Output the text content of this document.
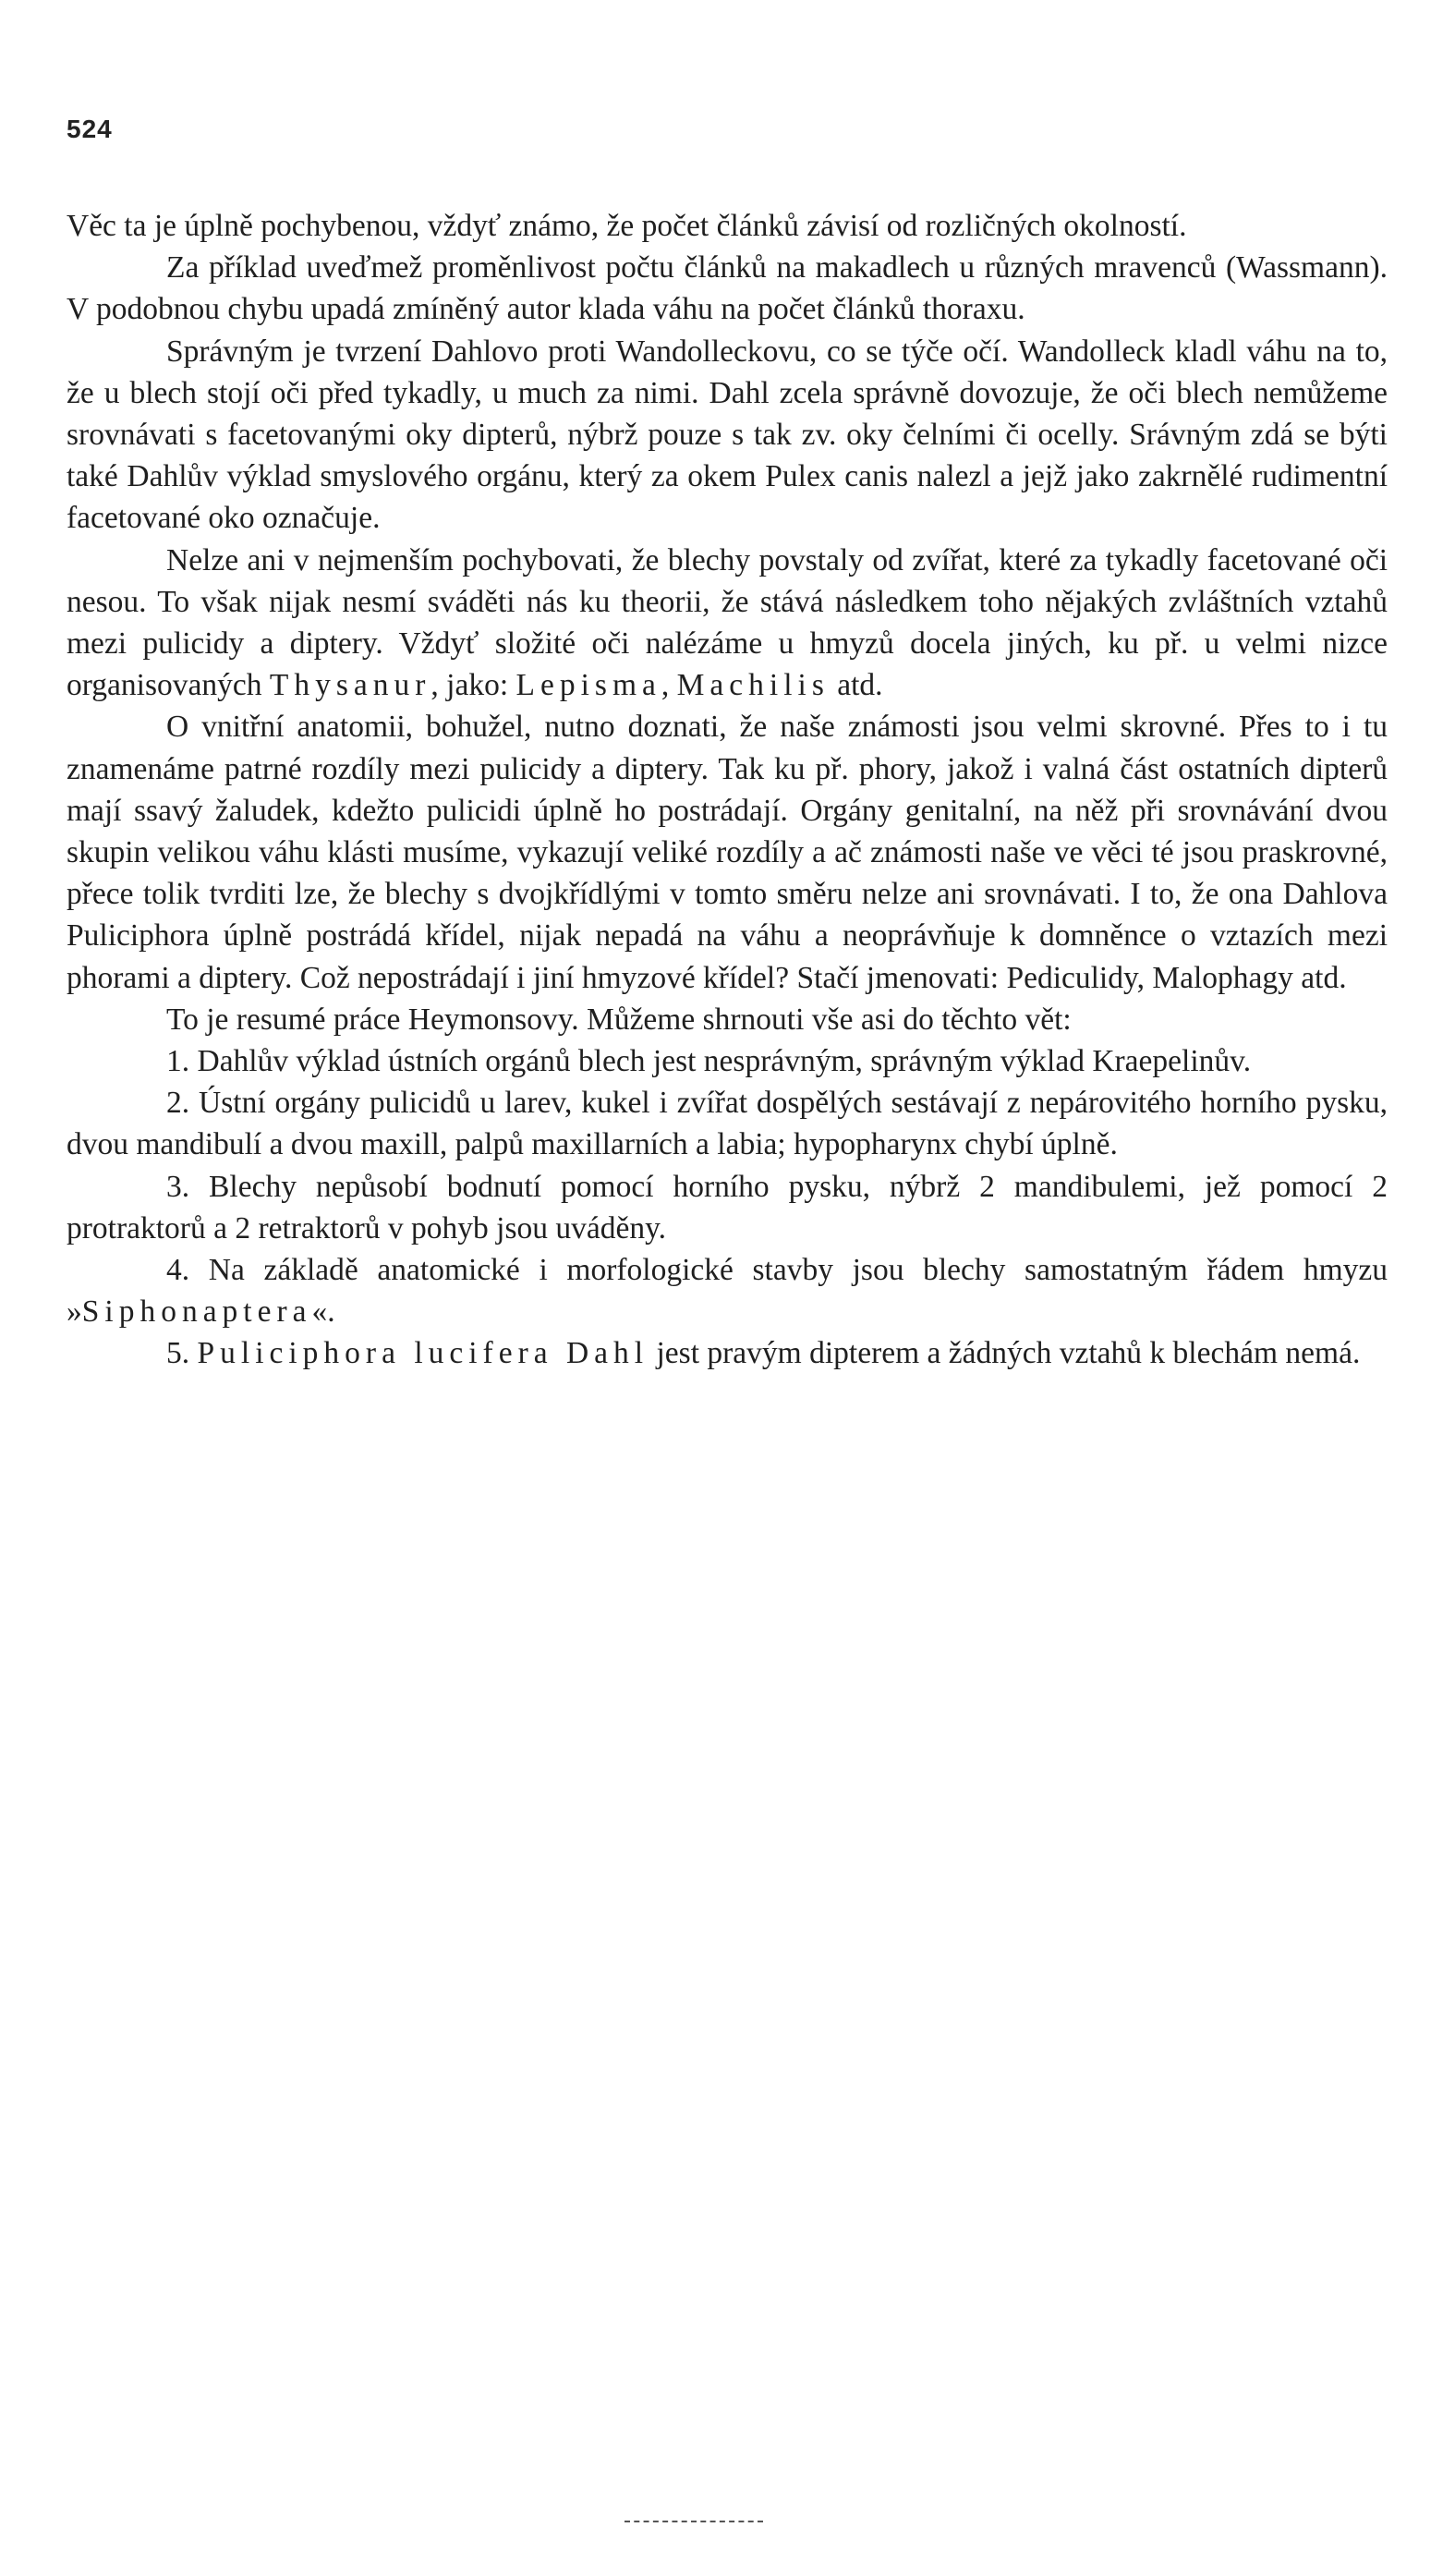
524

Věc ta je úplně pochybenou, vždyť známo, že počet článků závisí od rozličných okolností.

Za příklad uveďmež proměnlivost počtu článků na makadlech u různých mravenců (Wassmann). V podobnou chybu upadá zmíněný autor klada váhu na počet článků thoraxu.

Správným je tvrzení Dahlovo proti Wandolleckovu, co se týče očí. Wandolleck kladl váhu na to, že u blech stojí oči před tykadly, u much za nimi. Dahl zcela správně dovozuje, že oči blech nemůžeme srovnávati s facetovanými oky dipterů, nýbrž pouze s tak zv. oky čelními či ocelly. Srávným zdá se býti také Dahlův výklad smyslového orgánu, který za okem Pulex canis nalezl a jejž jako zakrnělé rudimentní facetované oko označuje.

Nelze ani v nejmenším pochybovati, že blechy povstaly od zvířat, které za tykadly facetované oči nesou. To však nijak nesmí sváděti nás ku theorii, že stává následkem toho nějakých zvláštních vztahů mezi pulicidy a diptery. Vždyť složité oči nalézáme u hmyzů docela jiných, ku př. u velmi nizce organisovaných Thysanur, jako: Lepisma, Machilis atd.

O vnitřní anatomii, bohužel, nutno doznati, že naše známosti jsou velmi skrovné. Přes to i tu znamenáme patrné rozdíly mezi pulicidy a diptery. Tak ku př. phory, jakož i valná část ostatních dipterů mají ssavý žaludek, kdežto pulicidi úplně ho postrádají. Orgány genitalní, na něž při srovnávání dvou skupin velikou váhu klásti musíme, vykazují veliké rozdíly a ač známosti naše ve věci té jsou praskrovné, přece tolik tvrditi lze, že blechy s dvojkřídlými v tomto směru nelze ani srovnávati. I to, že ona Dahlova Puliciphora úplně postrádá křídel, nijak nepadá na váhu a neoprávňuje k domněnce o vztazích mezi phorami a diptery. Což nepostrádají i jiní hmyzové křídel? Stačí jmenovati: Pediculidy, Malophagy atd.

To je resumé práce Heymonsovy. Můžeme shrnouti vše asi do těchto vět:

1. Dahlův výklad ústních orgánů blech jest nesprávným, správným výklad Kraepelinův.

2. Ústní orgány pulicidů u larev, kukel i zvířat dospělých sestávají z nepárovitého horního pysku, dvou mandibulí a dvou maxill, palpů maxillarních a labia; hypopharynx chybí úplně.

3. Blechy nepůsobí bodnutí pomocí horního pysku, nýbrž 2 mandibulemi, jež pomocí 2 protraktorů a 2 retraktorů v pohyb jsou uváděny.

4. Na základě anatomické i morfologické stavby jsou blechy samostatným řádem hmyzu »Siphonaptera«.

5. Puliciphora lucifera Dahl jest pravým dipterem a žádných vztahů k blechám nemá.
